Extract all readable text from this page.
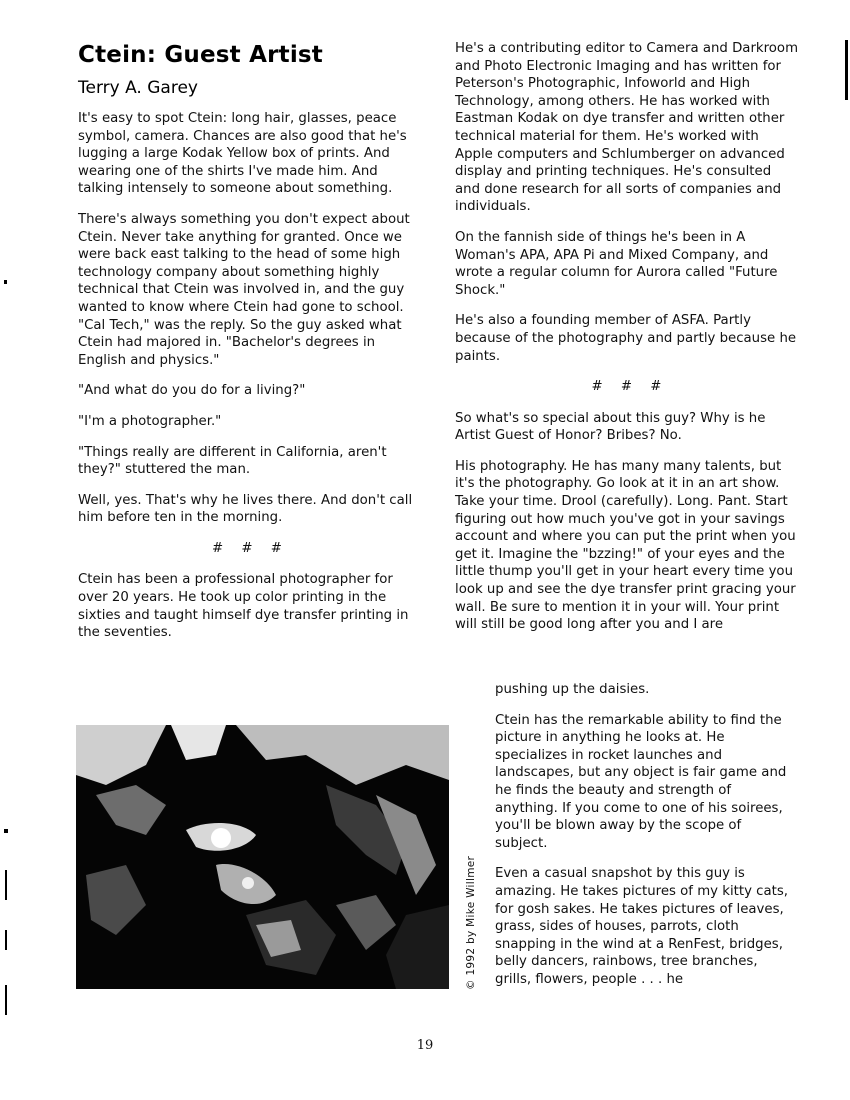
Ctein: Guest Artist
Terry A. Garey

It's easy to spot Ctein: long hair, glasses, peace symbol, camera. Chances are also good that he's lugging a large Kodak Yellow box of prints. And wearing one of the shirts I've made him. And talking intensely to someone about something.

There's always something you don't expect about Ctein. Never take anything for granted. Once we were back east talking to the head of some high technology company about something highly technical that Ctein was involved in, and the guy wanted to know where Ctein had gone to school. "Cal Tech," was the reply. So the guy asked what Ctein had majored in. "Bachelor's degrees in English and physics."

"And what do you do for a living?"

"I'm a photographer."

"Things really are different in California, aren't they?" stuttered the man.

Well, yes. That's why he lives there. And don't call him before ten in the morning.

# # #

Ctein has been a professional photographer for over 20 years. He took up color printing in the sixties and taught himself dye transfer printing in the seventies.

He's a contributing editor to Camera and Darkroom and Photo Electronic Imaging and has written for Peterson's Photographic, Infoworld and High Technology, among others. He has worked with Eastman Kodak on dye transfer and written other technical material for them. He's worked with Apple computers and Schlumberger on advanced display and printing techniques. He's consulted and done research for all sorts of companies and individuals.

On the fannish side of things he's been in A Woman's APA, APA Pi and Mixed Company, and wrote a regular column for Aurora called "Future Shock."

He's also a founding member of ASFA. Partly because of the photography and partly because he paints.

# # #

So what's so special about this guy? Why is he Artist Guest of Honor? Bribes? No.

His photography. He has many many talents, but it's the photography. Go look at it in an art show. Take your time. Drool (carefully). Long. Pant. Start figuring out how much you've got in your savings account and where you can put the print when you get it. Imagine the "bzzing!" of your eyes and the little thump you'll get in your heart every time you look up and see the dye transfer print gracing your wall. Be sure to mention it in your will. Your print will still be good long after you and I are

pushing up the daisies.

Ctein has the remarkable ability to find the picture in anything he looks at. He specializes in rocket launches and landscapes, but any object is fair game and he finds the beauty and strength of anything. If you come to one of his soirees, you'll be blown away by the scope of subject.

Even a casual snapshot by this guy is amazing. He takes pictures of my kitty cats, for gosh sakes. He takes pictures of leaves, grass, sides of houses, parrots, cloth snapping in the wind at a RenFest, bridges, belly dancers, rainbows, tree branches, grills, flowers, people . . . he

© 1992 by Mike Willmer
19
